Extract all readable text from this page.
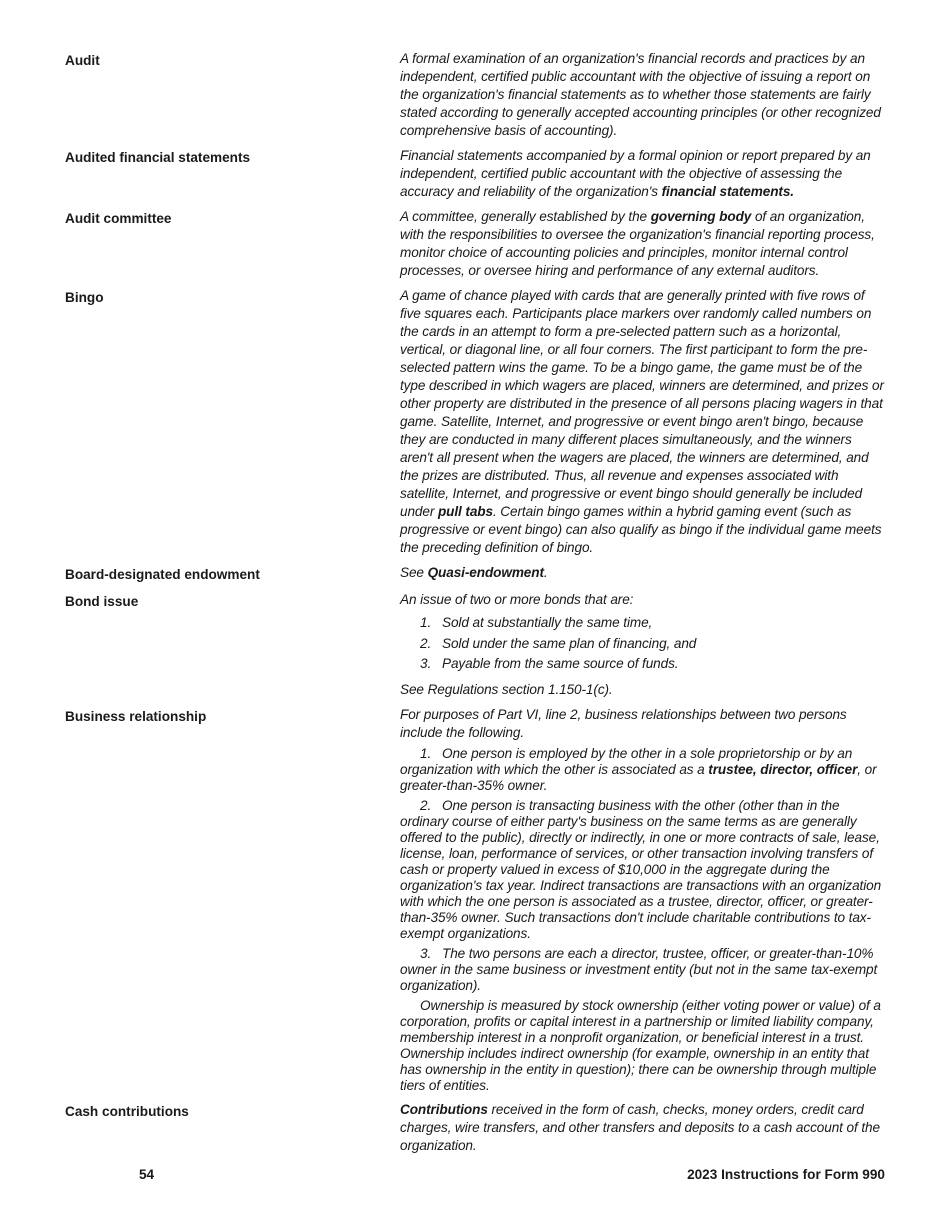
Audit	A formal examination of an organization's financial records and practices by an independent, certified public accountant with the objective of issuing a report on the organization's financial statements as to whether those statements are fairly stated according to generally accepted accounting principles (or other recognized comprehensive basis of accounting).

Audited financial statements	Financial statements accompanied by a formal opinion or report prepared by an independent, certified public accountant with the objective of assessing the accuracy and reliability of the organization's financial statements.

Audit committee	A committee, generally established by the governing body of an organization, with the responsibilities to oversee the organization's financial reporting process, monitor choice of accounting policies and principles, monitor internal control processes, or oversee hiring and performance of any external auditors.

Bingo	A game of chance played with cards that are generally printed with five rows of five squares each. Participants place markers over randomly called numbers on the cards in an attempt to form a pre-selected pattern such as a horizontal, vertical, or diagonal line, or all four corners. The first participant to form the pre-selected pattern wins the game. To be a bingo game, the game must be of the type described in which wagers are placed, winners are determined, and prizes or other property are distributed in the presence of all persons placing wagers in that game. Satellite, Internet, and progressive or event bingo aren't bingo, because they are conducted in many different places simultaneously, and the winners aren't all present when the wagers are placed, the winners are determined, and the prizes are distributed. Thus, all revenue and expenses associated with satellite, Internet, and progressive or event bingo should generally be included under pull tabs. Certain bingo games within a hybrid gaming event (such as progressive or event bingo) can also qualify as bingo if the individual game meets the preceding definition of bingo.

Board-designated endowment	See Quasi-endowment.

Bond issue	An issue of two or more bonds that are:

1. Sold at substantially the same time,
2. Sold under the same plan of financing, and
3. Payable from the same source of funds.

See Regulations section 1.150-1(c).

Business relationship	For purposes of Part VI, line 2, business relationships between two persons include the following.

1. One person is employed by the other in a sole proprietorship or by an organization with which the other is associated as a trustee, director, officer, or greater-than-35% owner.

2. One person is transacting business with the other (other than in the ordinary course of either party's business on the same terms as are generally offered to the public), directly or indirectly, in one or more contracts of sale, lease, license, loan, performance of services, or other transaction involving transfers of cash or property valued in excess of $10,000 in the aggregate during the organization's tax year. Indirect transactions are transactions with an organization with which the one person is associated as a trustee, director, officer, or greater-than-35% owner. Such transactions don't include charitable contributions to tax-exempt organizations.

3. The two persons are each a director, trustee, officer, or greater-than-10% owner in the same business or investment entity (but not in the same tax-exempt organization).

Ownership is measured by stock ownership (either voting power or value) of a corporation, profits or capital interest in a partnership or limited liability company, membership interest in a nonprofit organization, or beneficial interest in a trust. Ownership includes indirect ownership (for example, ownership in an entity that has ownership in the entity in question); there can be ownership through multiple tiers of entities.

Cash contributions	Contributions received in the form of cash, checks, money orders, credit card charges, wire transfers, and other transfers and deposits to a cash account of the organization.

54	2023 Instructions for Form 990
